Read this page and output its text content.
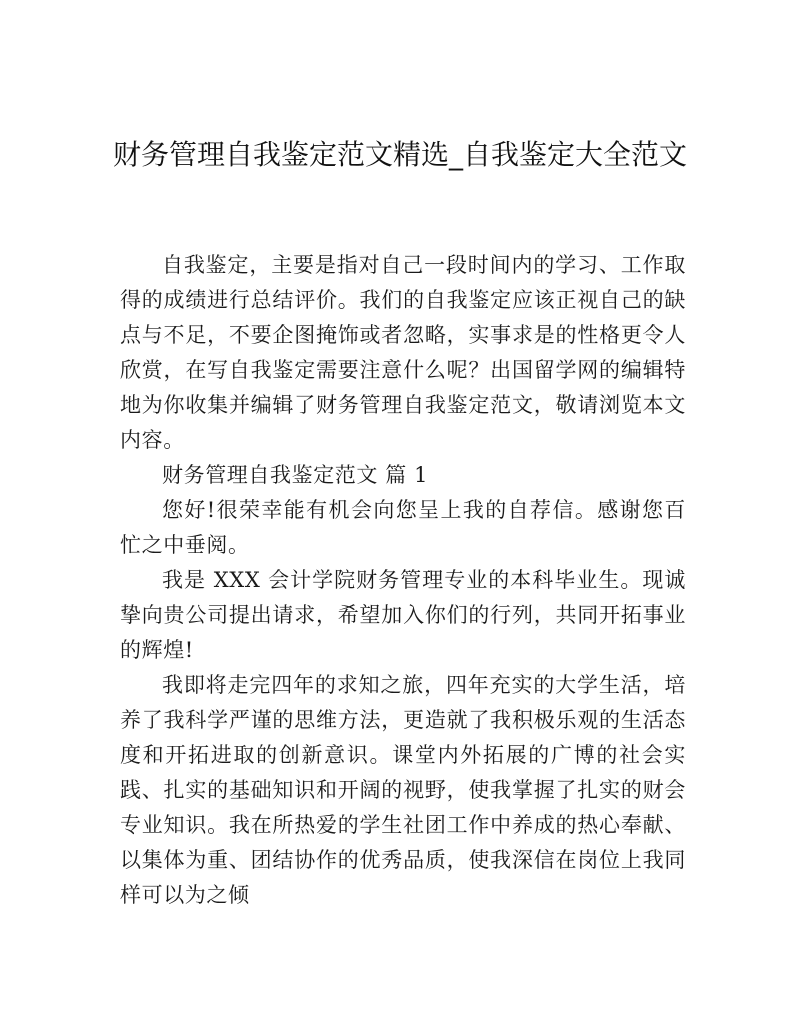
财务管理自我鉴定范文精选_自我鉴定大全范文

自我鉴定，主要是指对自己一段时间内的学习、工作取得的成绩进行总结评价。我们的自我鉴定应该正视自己的缺点与不足，不要企图掩饰或者忽略，实事求是的性格更令人欣赏，在写自我鉴定需要注意什么呢？出国留学网的编辑特地为你收集并编辑了财务管理自我鉴定范文，敬请浏览本文内容。

财务管理自我鉴定范文 篇 1

您好!很荣幸能有机会向您呈上我的自荐信。感谢您百忙之中垂阅。

我是 XXX 会计学院财务管理专业的本科毕业生。现诚挚向贵公司提出请求，希望加入你们的行列，共同开拓事业的辉煌!

我即将走完四年的求知之旅，四年充实的大学生活，培养了我科学严谨的思维方法，更造就了我积极乐观的生活态度和开拓进取的创新意识。课堂内外拓展的广博的社会实践、扎实的基础知识和开阔的视野，使我掌握了扎实的财会专业知识。我在所热爱的学生社团工作中养成的热心奉献、以集体为重、团结协作的优秀品质，使我深信在岗位上我同样可以为之倾
